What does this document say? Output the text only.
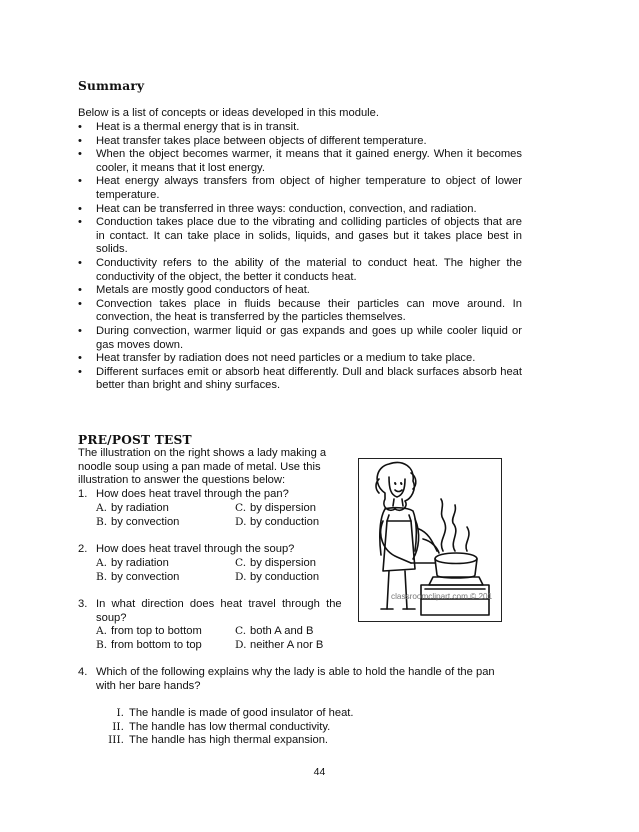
Summary
Below is a list of concepts or ideas developed in this module.
• Heat is a thermal energy that is in transit.
• Heat transfer takes place between objects of different temperature.
• When the object becomes warmer, it means that it gained energy. When it becomes cooler, it means that it lost energy.
• Heat energy always transfers from object of higher temperature to object of lower temperature.
• Heat can be transferred in three ways: conduction, convection, and radiation.
• Conduction takes place due to the vibrating and colliding particles of objects that are in contact. It can take place in solids, liquids, and gases but it takes place best in solids.
• Conductivity refers to the ability of the material to conduct heat. The higher the conductivity of the object, the better it conducts heat.
• Metals are mostly good conductors of heat.
• Convection takes place in fluids because their particles can move around. In convection, the heat is transferred by the particles themselves.
• During convection, warmer liquid or gas expands and goes up while cooler liquid or gas moves down.
• Heat transfer by radiation does not need particles or a medium to take place.
• Different surfaces emit or absorb heat differently. Dull and black surfaces absorb heat better than bright and shiny surfaces.
PRE/POST TEST
The illustration on the right shows a lady making a
noodle soup using a pan made of metal. Use this
illustration to answer the questions below:
1. How does heat travel through the pan?
A. by radiation	C. by dispersion
B. by convection	D. by conduction
2. How does heat travel through the soup?
A. by radiation	C. by dispersion
B. by convection	D. by conduction
3. In  what  direction  does  heat  travel  through  the
soup?
A. from top to bottom	C. both A and B
B. from bottom to top	D. neither A nor B
4. Which of the following explains why the lady is able to hold the handle of the pan
with her bare hands?
I. The handle is made of good insulator of heat.
II. The handle has low thermal conductivity.
III. The handle has high thermal expansion.
classroomclipart.com © 201
44
